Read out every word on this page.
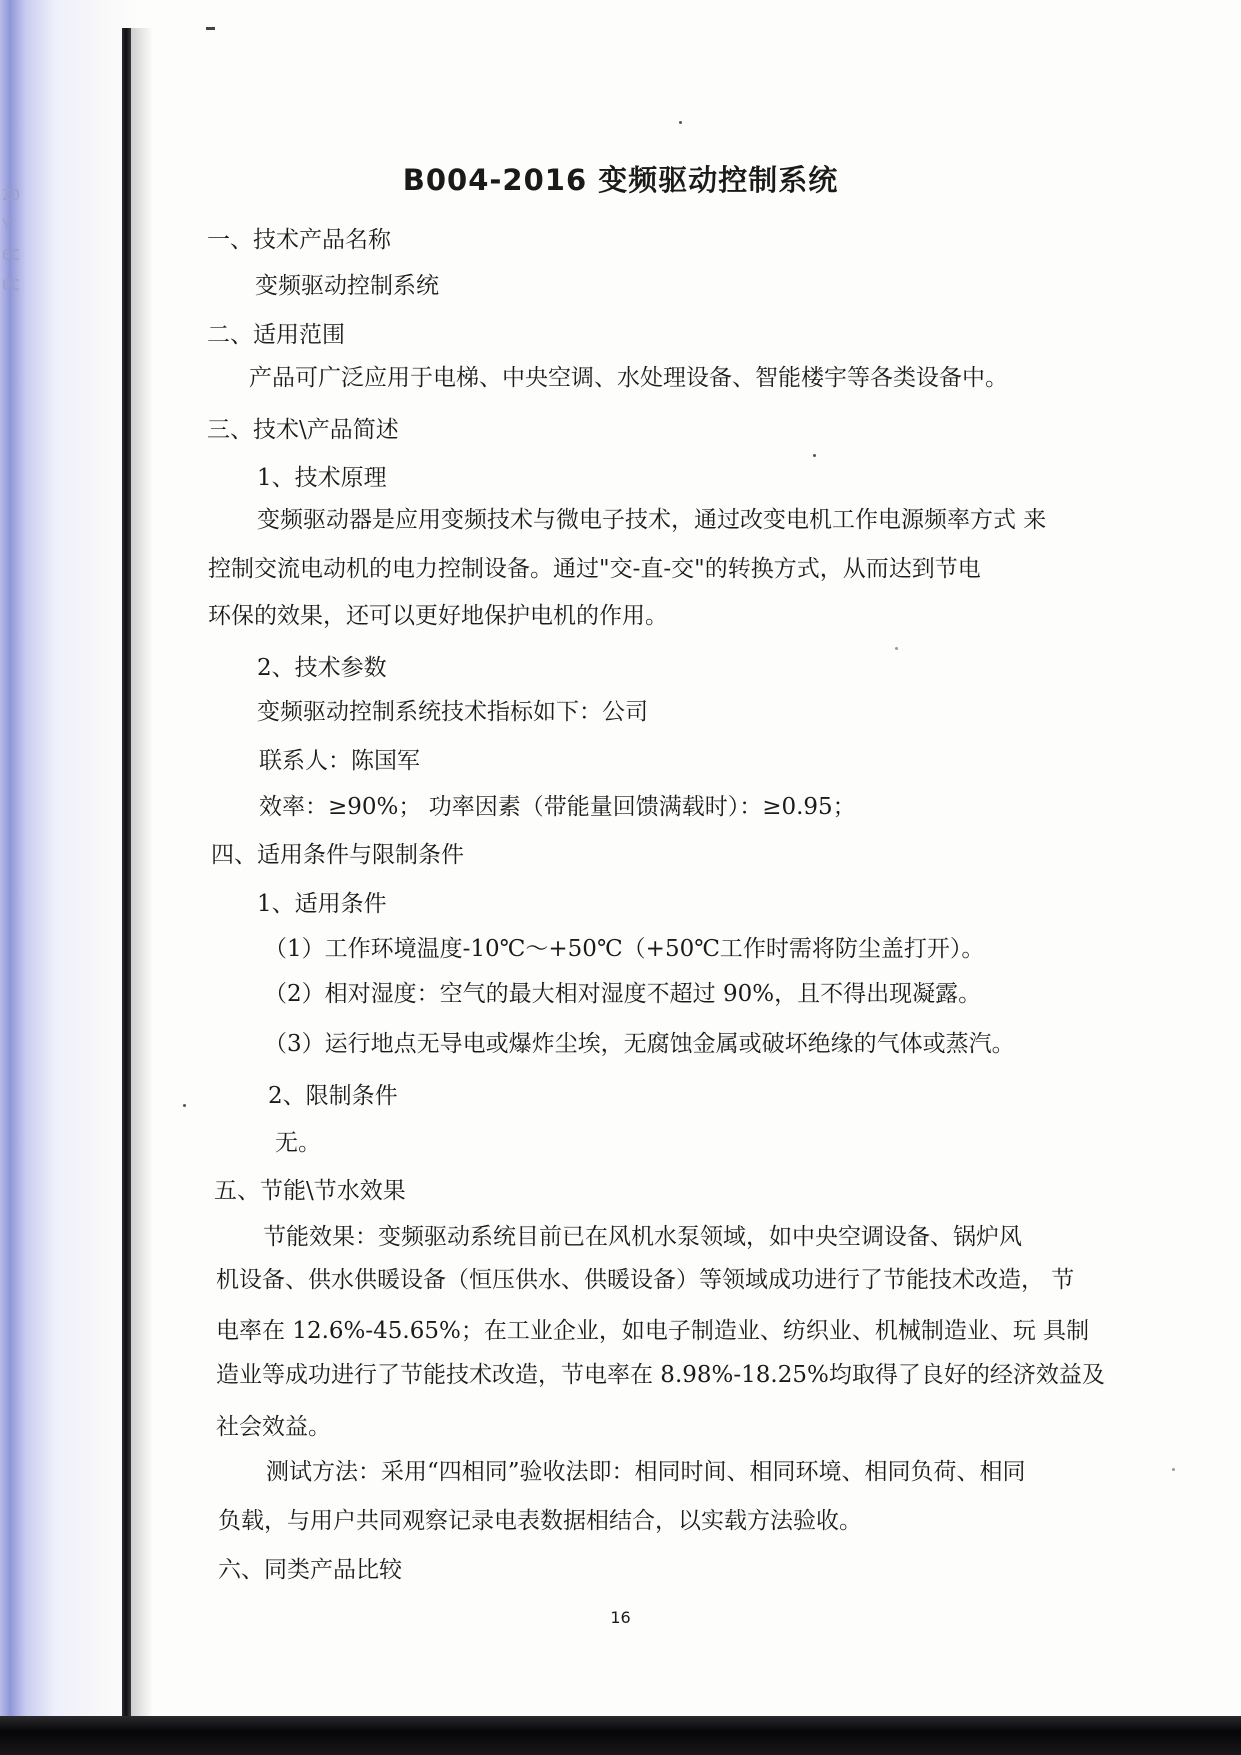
ZO
Y
0C
0C
B004-2016 变频驱动控制系统
一、技术产品名称
变频驱动控制系统
二、适用范围
产品可广泛应用于电梯、中央空调、水处理设备、智能楼宇等各类设备中。
三、技术\产品简述
1、技术原理
变频驱动器是应用变频技术与微电子技术，通过改变电机工作电源频率方式 来
控制交流电动机的电力控制设备。通过"交-直-交"的转换方式，从而达到节电
环保的效果，还可以更好地保护电机的作用。
2、技术参数
变频驱动控制系统技术指标如下：公司
联系人：陈国军
效率：≥90%； 功率因素（带能量回馈满载时）：≥0.95；
四、适用条件与限制条件
1、适用条件
（1）工作环境温度-10℃～+50℃（+50℃工作时需将防尘盖打开）。
（2）相对湿度：空气的最大相对湿度不超过 90%，且不得出现凝露。
（3）运行地点无导电或爆炸尘埃，无腐蚀金属或破坏绝缘的气体或蒸汽。
2、限制条件
无。
五、节能\节水效果
节能效果：变频驱动系统目前已在风机水泵领域，如中央空调设备、锅炉风
机设备、供水供暖设备（恒压供水、供暖设备）等领域成功进行了节能技术改造， 节
电率在 12.6%-45.65%；在工业企业，如电子制造业、纺织业、机械制造业、玩 具制
造业等成功进行了节能技术改造，节电率在 8.98%-18.25%均取得了良好的经济效益及
社会效益。
测试方法：采用“四相同”验收法即：相同时间、相同环境、相同负荷、相同
负载，与用户共同观察记录电表数据相结合，以实载方法验收。
六、同类产品比较
16
